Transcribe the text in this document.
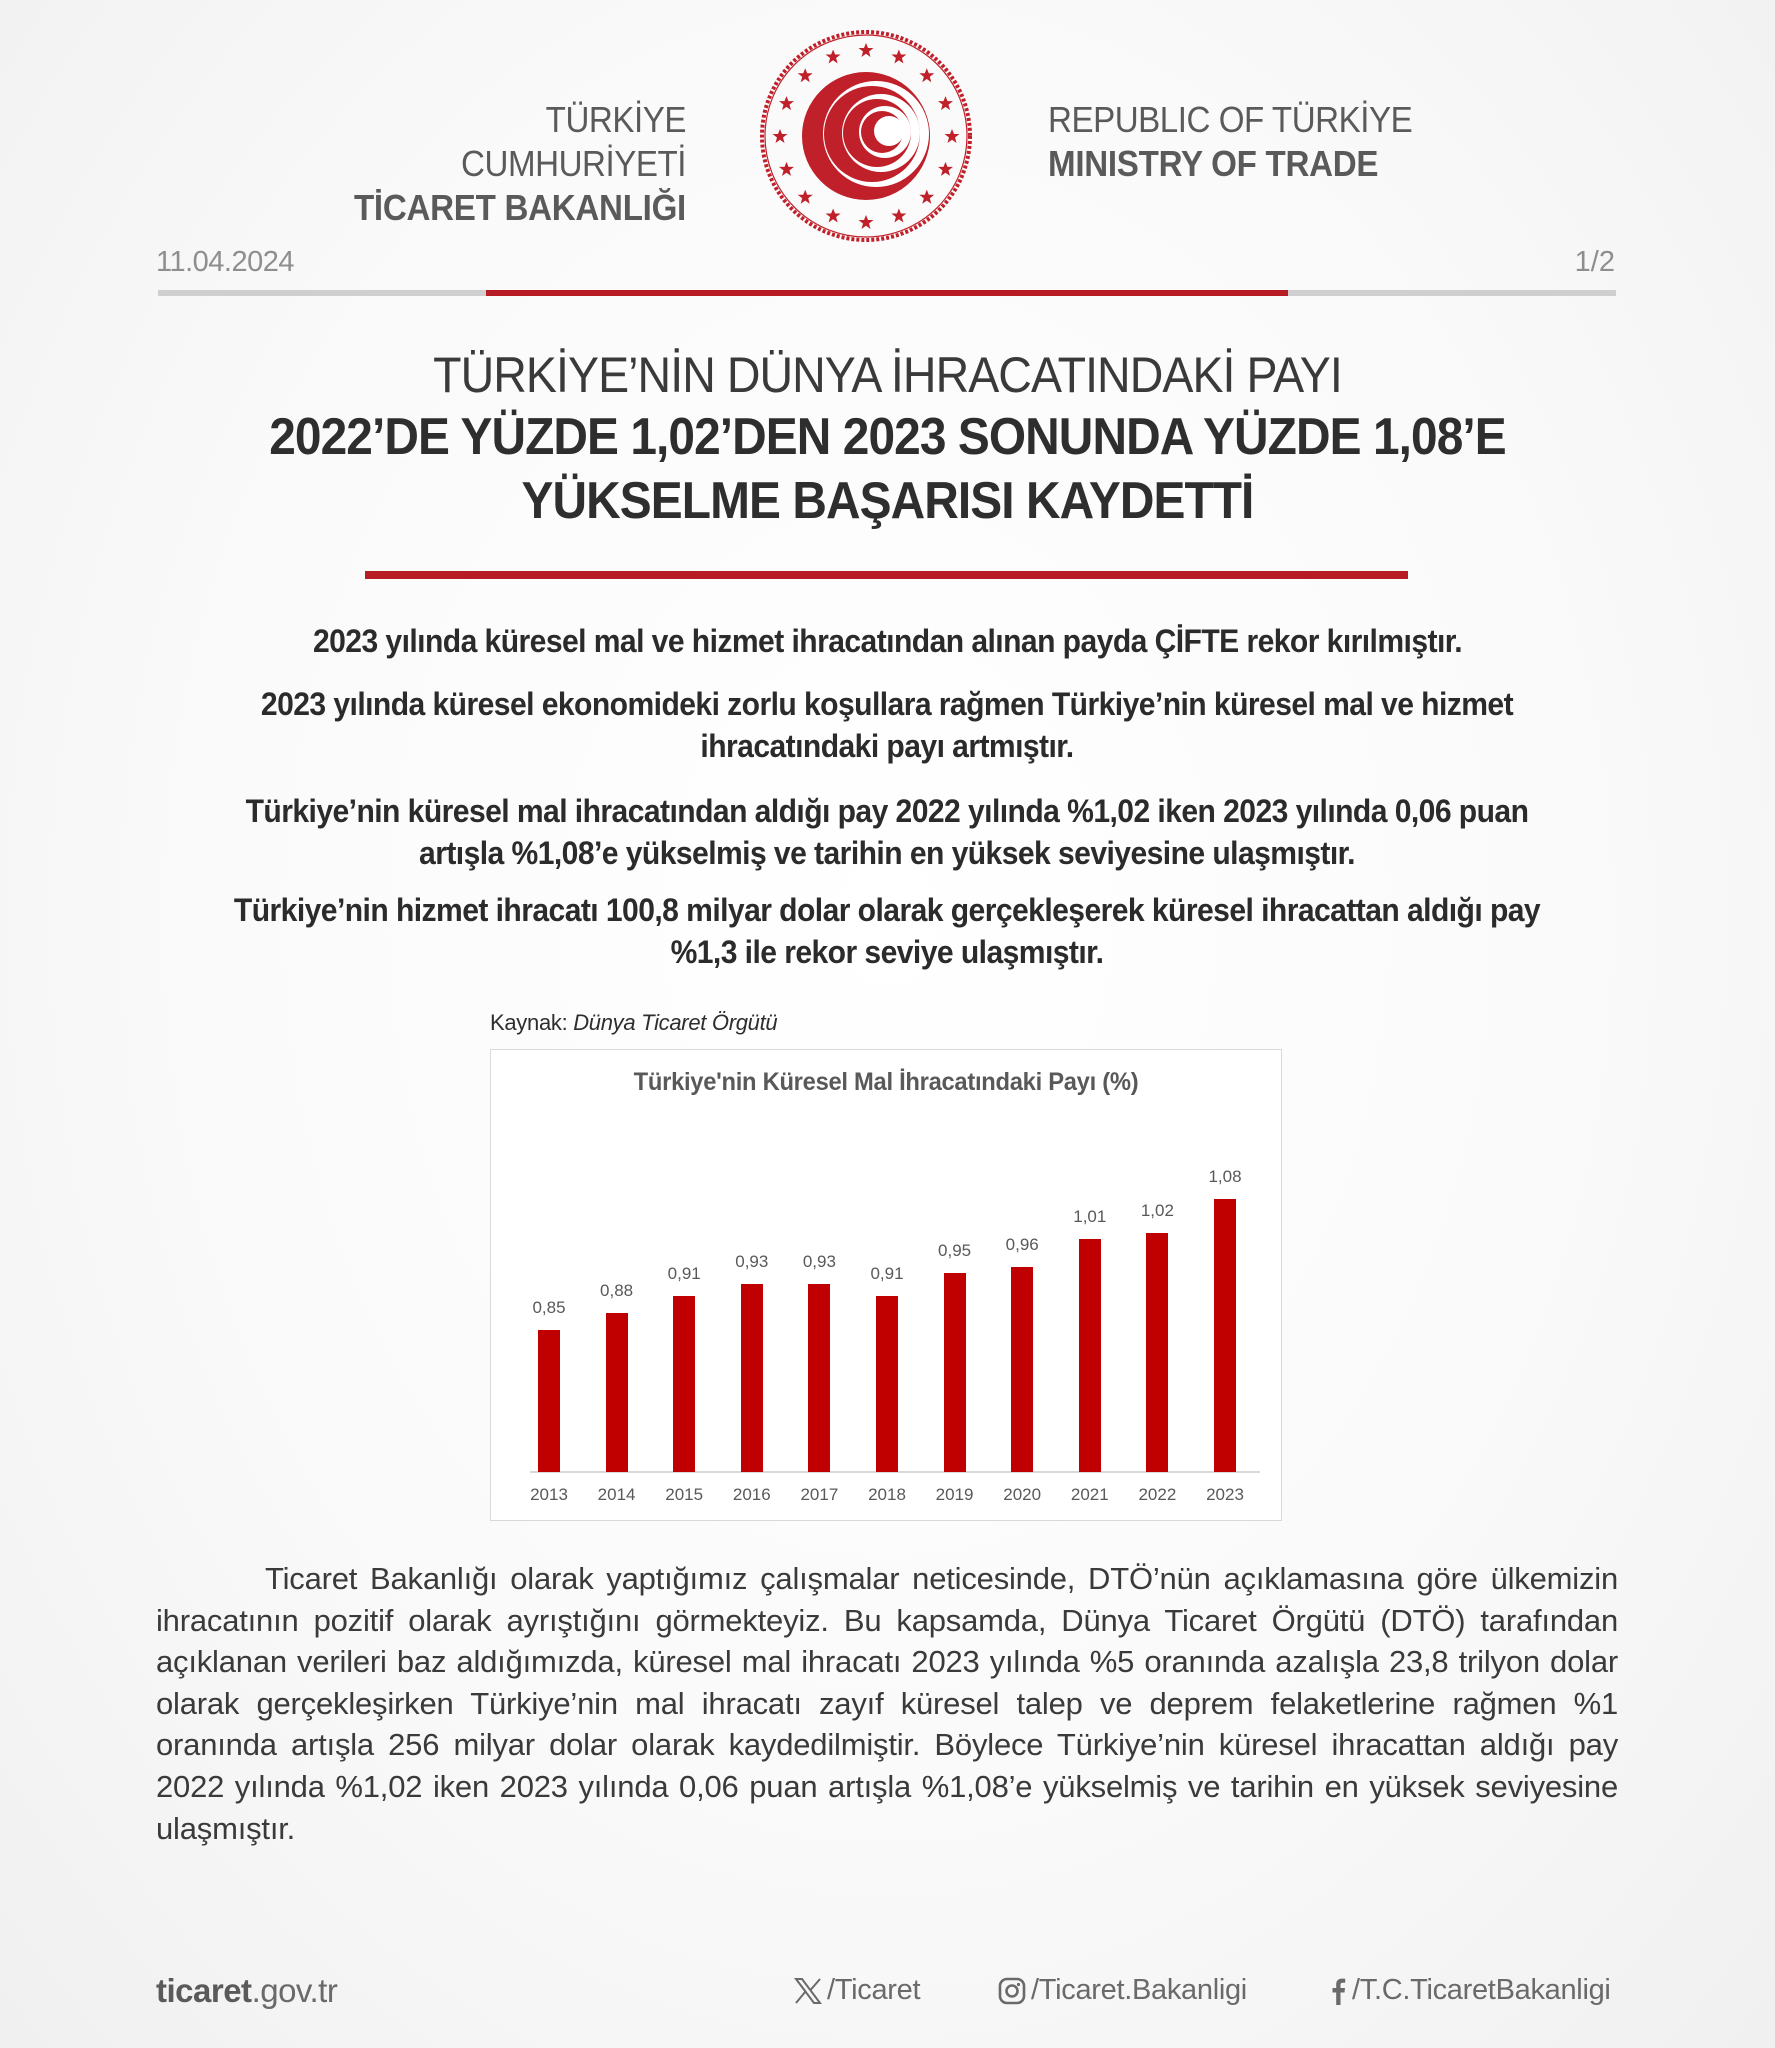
TÜRKİYE CUMHURİYETİ
TİCARET BAKANLIĞI
REPUBLIC OF TÜRKİYE
MINISTRY OF TRADE
11.04.2024	1/2
TÜRKİYE’NİN DÜNYA İHRACATINDAKİ PAYI
2022’DE YÜZDE 1,02’DEN 2023 SONUNDA YÜZDE 1,08’E
YÜKSELME BAŞARISI KAYDETTİ
2023 yılında küresel mal ve hizmet ihracatından alınan payda ÇİFTE rekor kırılmıştır.
2023 yılında küresel ekonomideki zorlu koşullara rağmen Türkiye’nin küresel mal ve hizmet ihracatındaki payı artmıştır.
Türkiye’nin küresel mal ihracatından aldığı pay 2022 yılında %1,02 iken 2023 yılında 0,06 puan artışla %1,08’e yükselmiş ve tarihin en yüksek seviyesine ulaşmıştır.
Türkiye’nin hizmet ihracatı 100,8 milyar dolar olarak gerçekleşerek küresel ihracattan aldığı pay %1,3 ile rekor seviye ulaşmıştır.
Kaynak: Dünya Ticaret Örgütü
Türkiye'nin Küresel Mal İhracatındaki Payı (%)
0,85
2013
0,88
2014
0,91
2015
0,93
2016
0,93
2017
0,91
2018
0,95
2019
0,96
2020
1,01
2021
1,02
2022
1,08
2023

Ticaret Bakanlığı olarak yaptığımız çalışmalar neticesinde, DTÖ’nün açıklamasına göre ülkemizin ihracatının pozitif olarak ayrıştığını görmekteyiz. Bu kapsamda, Dünya Ticaret Örgütü (DTÖ) tarafından açıklanan verileri baz aldığımızda, küresel mal ihracatı 2023 yılında %5 oranında azalışla 23,8 trilyon dolar olarak gerçekleşirken Türkiye’nin mal ihracatı zayıf küresel talep ve deprem felaketlerine rağmen %1 oranında artışla 256 milyar dolar olarak kaydedilmiştir. Böylece Türkiye’nin küresel ihracattan aldığı pay 2022 yılında %1,02 iken 2023 yılında 0,06 puan artışla %1,08’e yükselmiş ve tarihin en yüksek seviyesine ulaşmıştır.

ticaret.gov.tr	/Ticaret	/Ticaret.Bakanligi	/T.C.TicaretBakanligi
